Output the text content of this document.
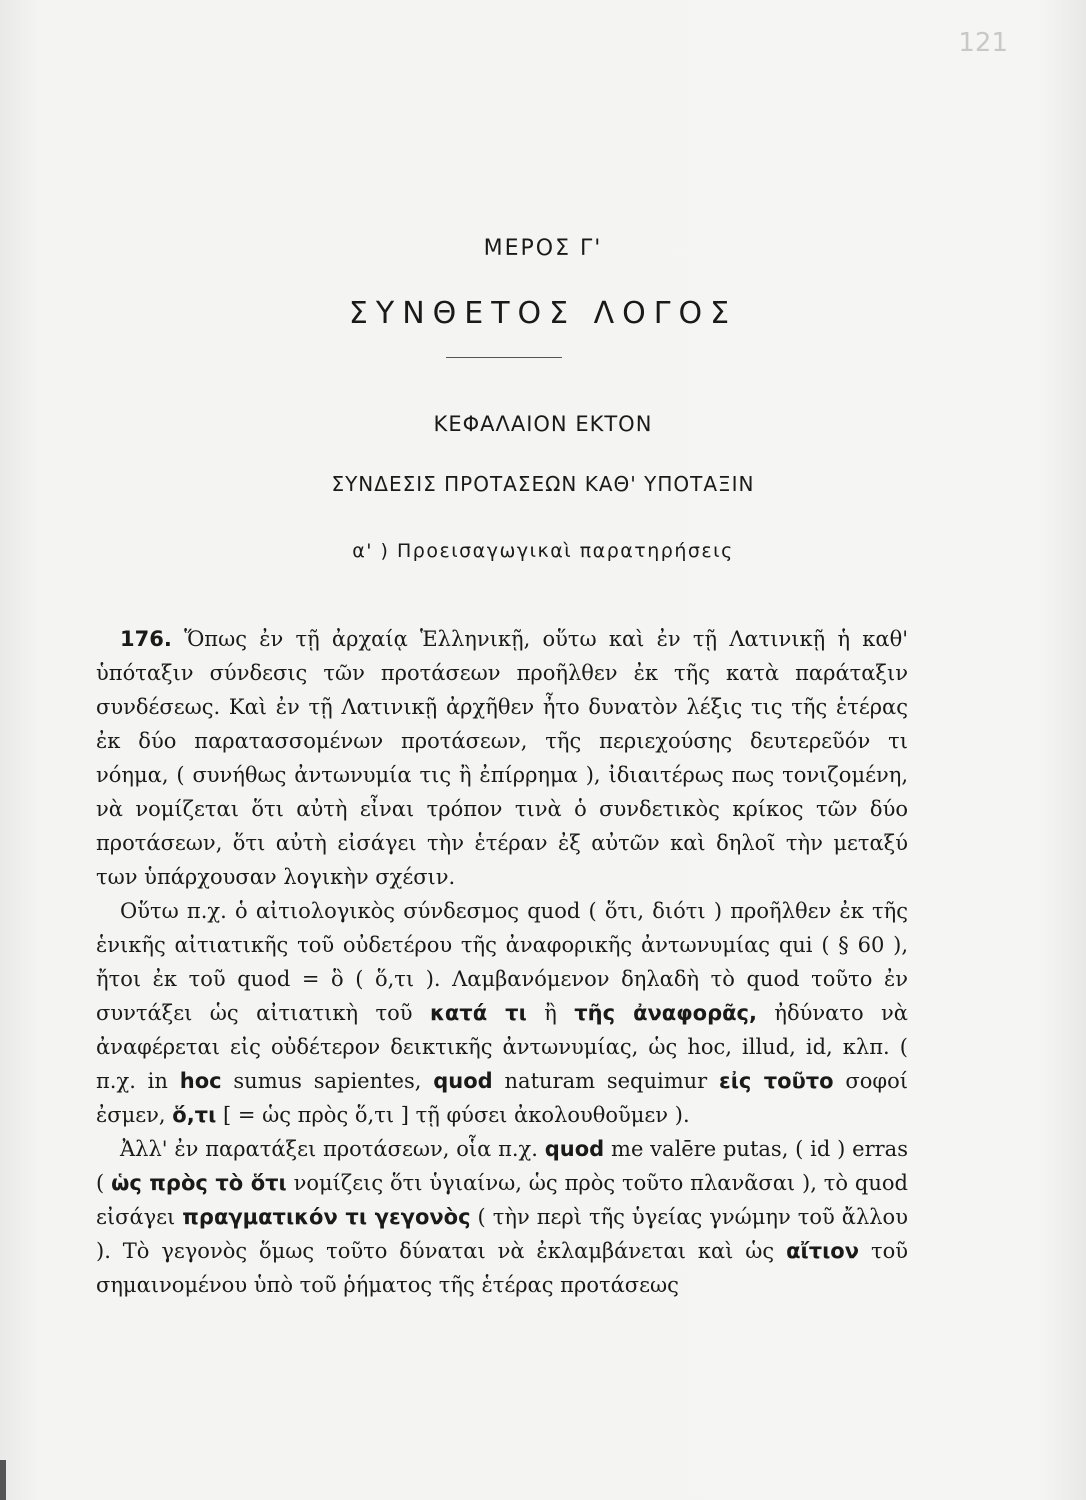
121
ΜΕΡΟΣ Γ'
ΣΥΝΘΕΤΟΣ ΛΟΓΟΣ
ΚΕΦΑΛΑΙΟΝ ΕΚΤΟΝ
ΣΥΝΔΕΣΙΣ ΠΡΟΤΑΣΕΩΝ ΚΑΘ' ΥΠΟΤΑΞΙΝ
α' ) Προεισαγωγικαὶ παρατηρήσεις

176. Ὅπως ἐν τῇ ἀρχαίᾳ Ἑλληνικῇ, οὕτω καὶ ἐν τῇ Λατινικῇ ἡ καθ' ὑπόταξιν σύνδεσις τῶν προτάσεων προῆλθεν ἐκ τῆς κατὰ παράταξιν συνδέσεως. Καὶ ἐν τῇ Λατινικῇ ἀρχῆθεν ἦτο δυνατὸν λέξις τις τῆς ἑτέρας ἐκ δύο παρατασσομένων προτάσεων, τῆς περιεχούσης δευτερεῦόν τι νόημα, ( συνήθως ἀντωνυμία τις ἢ ἐπίρρημα ), ἰδιαιτέρως πως τονιζομένη, νὰ νομίζεται ὅτι αὐτὴ εἶναι τρόπον τινὰ ὁ συνδετικὸς κρίκος τῶν δύο προτάσεων, ὅτι αὐτὴ εἰσάγει τὴν ἑτέραν ἐξ αὐτῶν καὶ δηλοῖ τὴν μεταξύ των ὑπάρχουσαν λογικὴν σχέσιν.

Οὕτω π.χ. ὁ αἰτιολογικὸς σύνδεσμος quod ( ὅτι, διότι ) προῆλθεν ἐκ τῆς ἑνικῆς αἰτιατικῆς τοῦ οὐδετέρου τῆς ἀναφορικῆς ἀντωνυμίας qui ( § 60 ), ἤτοι ἐκ τοῦ quod = ὃ ( ὅ,τι ). Λαμβανόμενον δηλαδὴ τὸ quod τοῦτο ἐν συντάξει ὡς αἰτιατικὴ τοῦ κατά τι ἢ τῆς ἀναφορᾶς, ἠδύνατο νὰ ἀναφέρεται εἰς οὐδέτερον δεικτικῆς ἀντωνυμίας, ὡς hoc, illud, id, κλπ. ( π.χ. in hoc sumus sapientes, quod naturam sequimur εἰς τοῦτο σοφοί ἐσμεν, ὅ,τι [ = ὡς πρὸς ὅ,τι ] τῇ φύσει ἀκολουθοῦμεν ).

Ἀλλ' ἐν παρατάξει προτάσεων, οἷα π.χ. quod me valēre putas, ( id ) erras ( ὡς πρὸς τὸ ὅτι νομίζεις ὅτι ὑγιαίνω, ὡς πρὸς τοῦτο πλανᾶσαι ), τὸ quod εἰσάγει πραγματικόν τι γεγονὸς ( τὴν περὶ τῆς ὑγείας γνώμην τοῦ ἄλλου ). Τὸ γεγονὸς ὅμως τοῦτο δύναται νὰ ἐκλαμβάνεται καὶ ὡς αἴτιον τοῦ σημαινομένου ὑπὸ τοῦ ῥήματος τῆς ἑτέρας προτάσεως
